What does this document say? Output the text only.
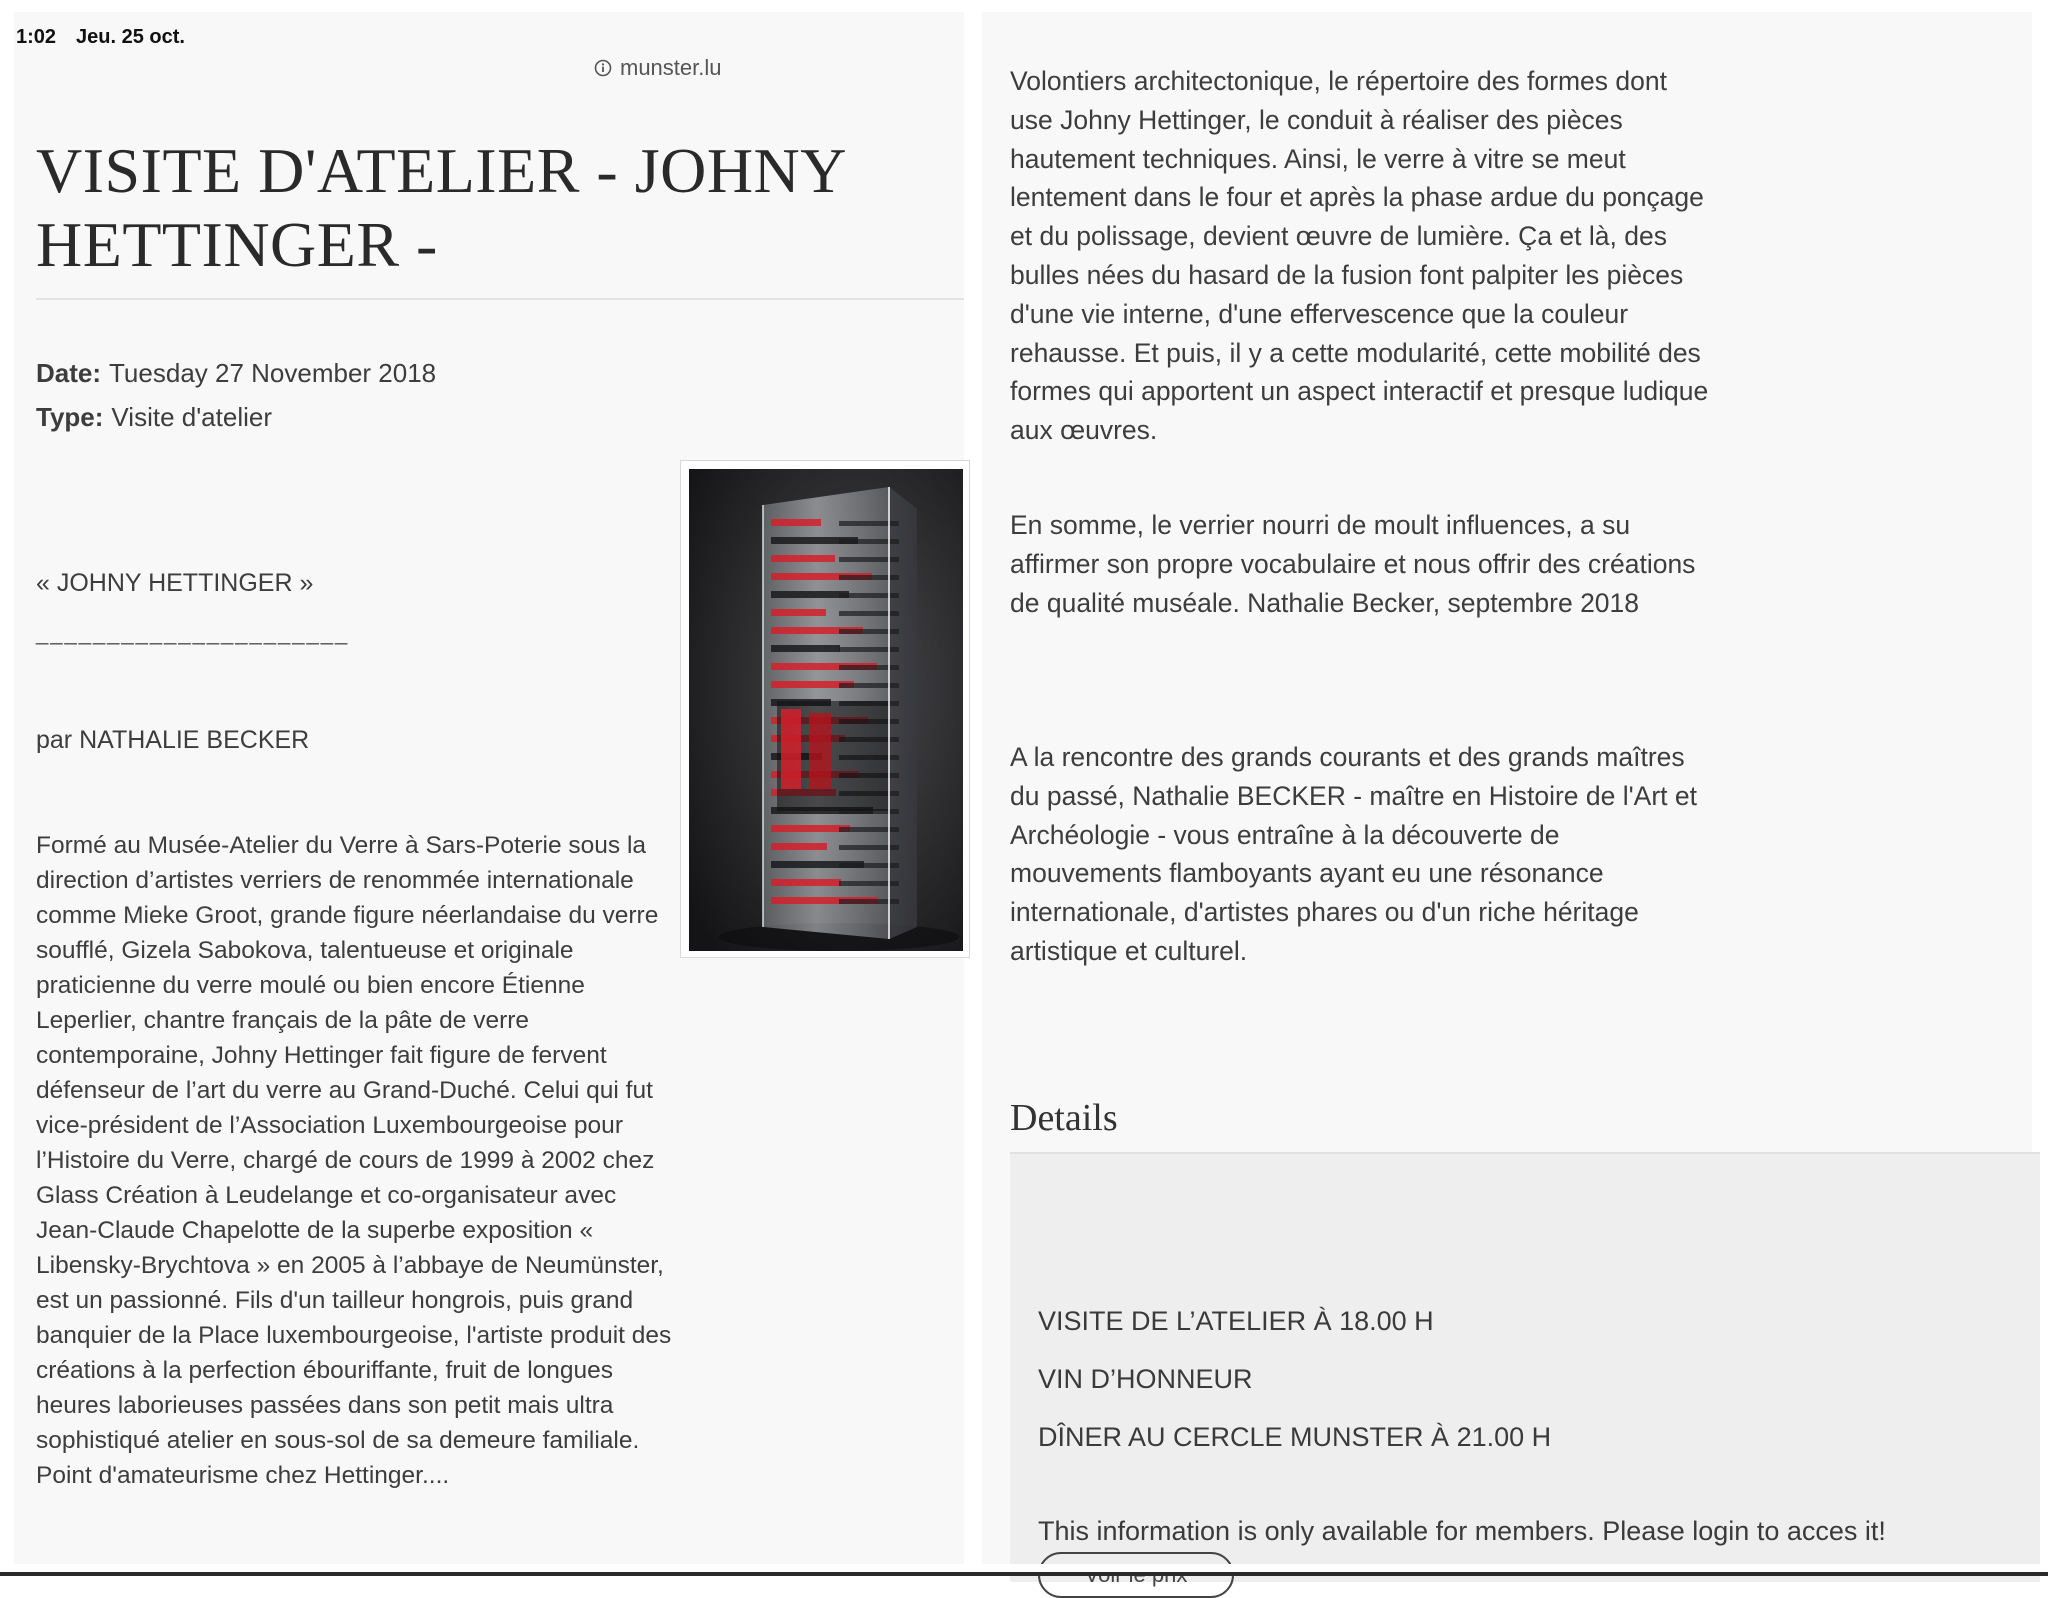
1:02 Jeu. 25 oct.
munster.lu
VISITE D'ATELIER - JOHNY HETTINGER -
Date: Tuesday 27 November 2018
Type: Visite d'atelier
« JOHNY HETTINGER »
______________________
par NATHALIE BECKER

Formé au Musée-Atelier du Verre à Sars-Poterie sous la direction d’artistes verriers de renommée internationale comme Mieke Groot, grande figure néerlandaise du verre soufflé, Gizela Sabokova, talentueuse et originale praticienne du verre moulé ou bien encore Étienne Leperlier, chantre français de la pâte de verre contemporaine, Johny Hettinger fait figure de fervent défenseur de l’art du verre au Grand-Duché. Celui qui fut vice-président de l’Association Luxembourgeoise pour l’Histoire du Verre, chargé de cours de 1999 à 2002 chez Glass Création à Leudelange et co-organisateur avec Jean-Claude Chapelotte de la superbe exposition « Libensky-Brychtova » en 2005 à l’abbaye de Neumünster, est un passionné. Fils d'un tailleur hongrois, puis grand banquier de la Place luxembourgeoise, l'artiste produit des créations à la perfection ébouriffante, fruit de longues heures laborieuses passées dans son petit mais ultra sophistiqué atelier en sous-sol de sa demeure familiale. Point d'amateurisme chez Hettinger....

Volontiers architectonique, le répertoire des formes dont use Johny Hettinger, le conduit à réaliser des pièces hautement techniques. Ainsi, le verre à vitre se meut lentement dans le four et après la phase ardue du ponçage et du polissage, devient œuvre de lumière. Ça et là, des bulles nées du hasard de la fusion font palpiter les pièces d'une vie interne, d'une effervescence que la couleur rehausse. Et puis, il y a cette modularité, cette mobilité des formes qui apportent un aspect interactif et presque ludique aux œuvres.

En somme, le verrier nourri de moult influences, a su affirmer son propre vocabulaire et nous offrir des créations de qualité muséale. Nathalie Becker, septembre 2018

A la rencontre des grands courants et des grands maîtres du passé, Nathalie BECKER - maître en Histoire de l'Art et Archéologie - vous entraîne à la découverte de mouvements flamboyants ayant eu une résonance internationale, d'artistes phares ou d'un riche héritage artistique et culturel.

Details
VISITE DE L’ATELIER À 18.00 H
VIN D’HONNEUR
DÎNER AU CERCLE MUNSTER À 21.00 H
This information is only available for members. Please login to acces it!
